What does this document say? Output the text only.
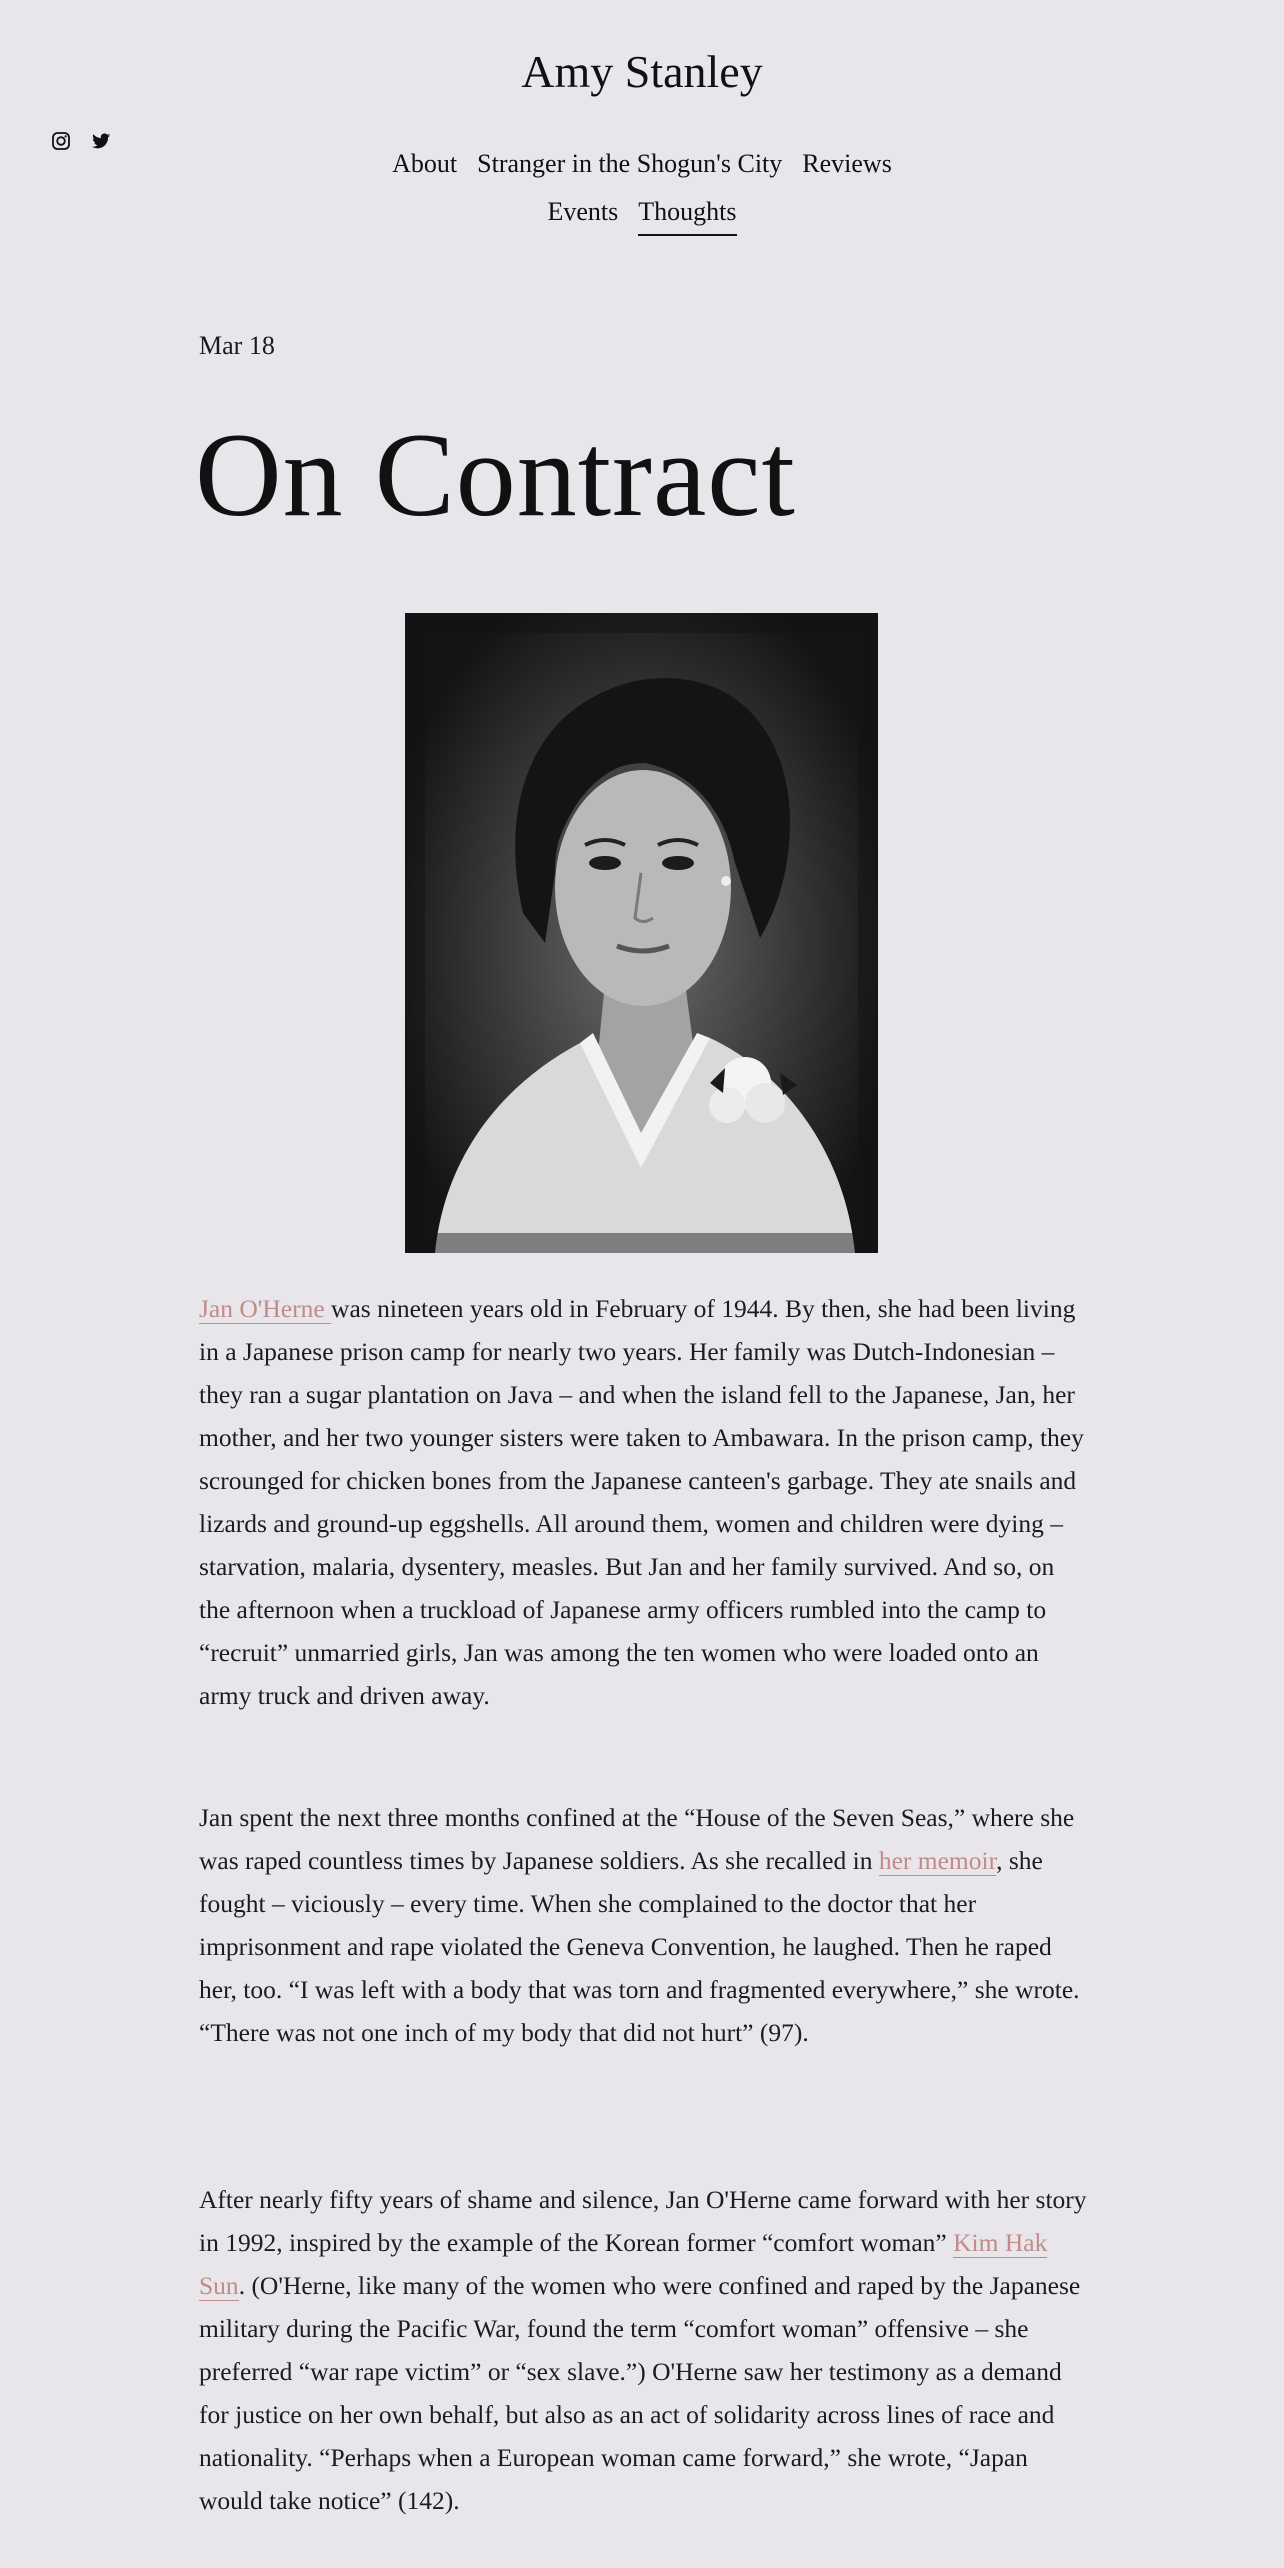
Amy Stanley
About Stranger in the Shogun's City Reviews
Events Thoughts
Mar 18
On Contract

Jan O'Herne was nineteen years old in February of 1944. By then, she had been living in a Japanese prison camp for nearly two years. Her family was Dutch-Indonesian – they ran a sugar plantation on Java – and when the island fell to the Japanese, Jan, her mother, and her two younger sisters were taken to Ambawara. In the prison camp, they scrounged for chicken bones from the Japanese canteen's garbage. They ate snails and lizards and ground-up eggshells. All around them, women and children were dying – starvation, malaria, dysentery, measles. But Jan and her family survived. And so, on the afternoon when a truckload of Japanese army officers rumbled into the camp to “recruit” unmarried girls, Jan was among the ten women who were loaded onto an army truck and driven away.

Jan spent the next three months confined at the “House of the Seven Seas,” where she was raped countless times by Japanese soldiers. As she recalled in her memoir, she fought – viciously – every time. When she complained to the doctor that her imprisonment and rape violated the Geneva Convention, he laughed. Then he raped her, too. “I was left with a body that was torn and fragmented everywhere,” she wrote. “There was not one inch of my body that did not hurt” (97).

After nearly fifty years of shame and silence, Jan O'Herne came forward with her story in 1992, inspired by the example of the Korean former “comfort woman” Kim Hak Sun. (O'Herne, like many of the women who were confined and raped by the Japanese military during the Pacific War, found the term “comfort woman” offensive – she preferred “war rape victim” or “sex slave.”) O'Herne saw her testimony as a demand for justice on her own behalf, but also as an act of solidarity across lines of race and nationality. “Perhaps when a European woman came forward,” she wrote, “Japan would take notice” (142).
